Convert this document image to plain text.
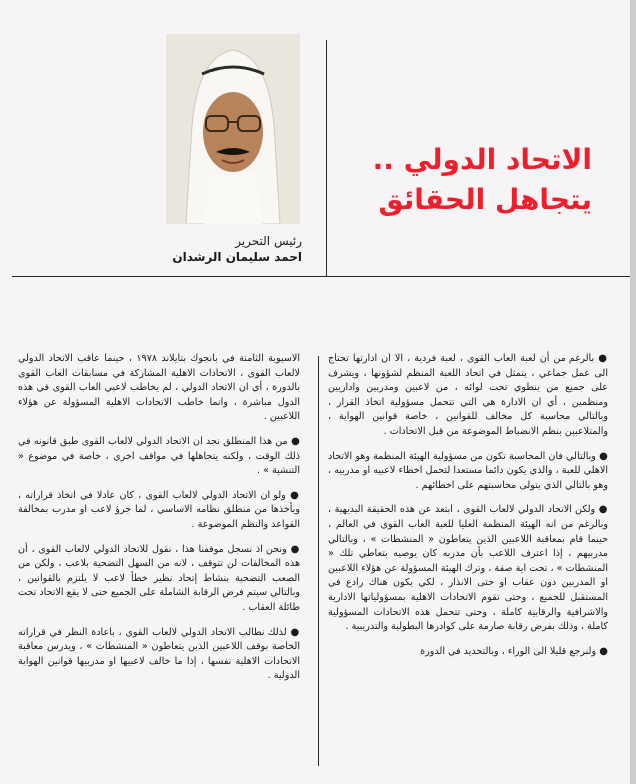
رئيس التحرير
احمد سليمان الرشدان
الاتحاد الدولي ..
يتجاهل الحقائق

● بالرغم من أن لعبة العاب القوى ، لعبة فردية ، الا ان ادارتها تحتاج الى عمل جماعي ، يتمثل في اتحاد اللعبة المنظم لشؤونها ، ويشرف على جميع من ينطوي تحت لوائه ، من لاعبين ومدربين واداريين ومنظمين ، أي ان الادارة هي التي تتحمل مسؤولية اتخاذ القرار ، وبالتالي محاسبة كل مخالف للقوانين ، خاصة قوانين الهواية ، والمتلاعبين بنظم الانضباط الموضوعة من قبل الاتحادات .

● وبالتالي فان المحاسبة تكون من مسؤولية الهيئة المنظمة وهو الاتحاد الاهلي للعبة ، والذي يكون دائما مستعدا لتحمل اخطاء لاعبيه او مدربيه ، وهو بالتالي الذي يتولى محاسبتهم على اخطائهم .

● ولكن الاتحاد الدولي لالعاب القوى ، ابتعد عن هذه الحقيقة البديهية ، وبالرغم من انه الهيئة المنظمة العليا للعبة العاب القوى في العالم ، حينما قام بمعاقبة اللاعبين الذين يتعاطون « المنشطات » ، وبالتالي مدربيهم ، إذا اعترف اللاعب بأن مدربه كان يوصيه بتعاطي تلك « المنشطات » ، تحت اية صفة ، وترك الهيئة المسؤولة عن هؤلاء اللاعبين او المدربين دون عقاب او حتى الانذار ، لكي يكون هناك رادع في المستقبل للجميع ، وحتى تقوم الاتحادات الاهلية بمسؤولياتها الادارية والاشرافية والرقابية كاملة ، وحتى تتحمل هذه الاتحادات المسؤولية كاملة ، وذلك بفرض رقابة صارمة على كوادرها البطولية والتدريبية .

● ولنرجع قليلا الى الوراء ، وبالتحديد في الدورة

الاسيوية الثامنة في بانجوك بتايلاند ١٩٧٨ ، حينما عاقب الاتحاد الدولي لالعاب القوى ، الاتحادات الاهلية المشاركة في مسابقات العاب القوى بالدورة ، أي ان الاتحاد الدولي ، لم يخاطب لاعبي العاب القوى في هذه الدول مباشرة ، وانما خاطب الاتحادات الاهلية المسؤولة عن هؤلاء اللاعبين .

● من هذا المنطلق نجد ان الاتحاد الدولي لالعاب القوى طبق قانونه في ذلك الوقت ، ولكنه يتجاهلها في مواقف اخرى ، خاصة في موضوع « التنشية » .

● ولو ان الاتحاد الدولي لالعاب القوى ، كان عادلا في اتخاذ قراراته ، ويأخذها من منطلق نظامه الاساسي ، لما جرؤ لاعب او مدرب بمخالفة القواعد والنظم الموضوعة .

● ونحن اذ نسجل موقفنا هذا ، نقول للاتحاد الدولي لالعاب القوى ، أن هذه المخالفات لن تتوقف ، لانه من السهل التضحية بلاعب ، ولكن من الصعب التضحية بنشاط إتحاد نظير خطأ لاعب لا يلتزم بالقوانين ، وبالتالي سيتم فرض الرقابة الشاملة على الجميع حتى لا يقع الاتحاد تحت طائلة العقاب .

● لذلك نطالب الاتحاد الدولي لالعاب القوى ، باعادة النظر في قراراته الخاصة بوقف اللاعبين الذين يتعاطون « المنشطات » ، ويدرس معاقبة الاتحادات الاهلية نفسها ، إذا ما خالف لاعبيها او مدربيها قوانين الهواية الدولية .
